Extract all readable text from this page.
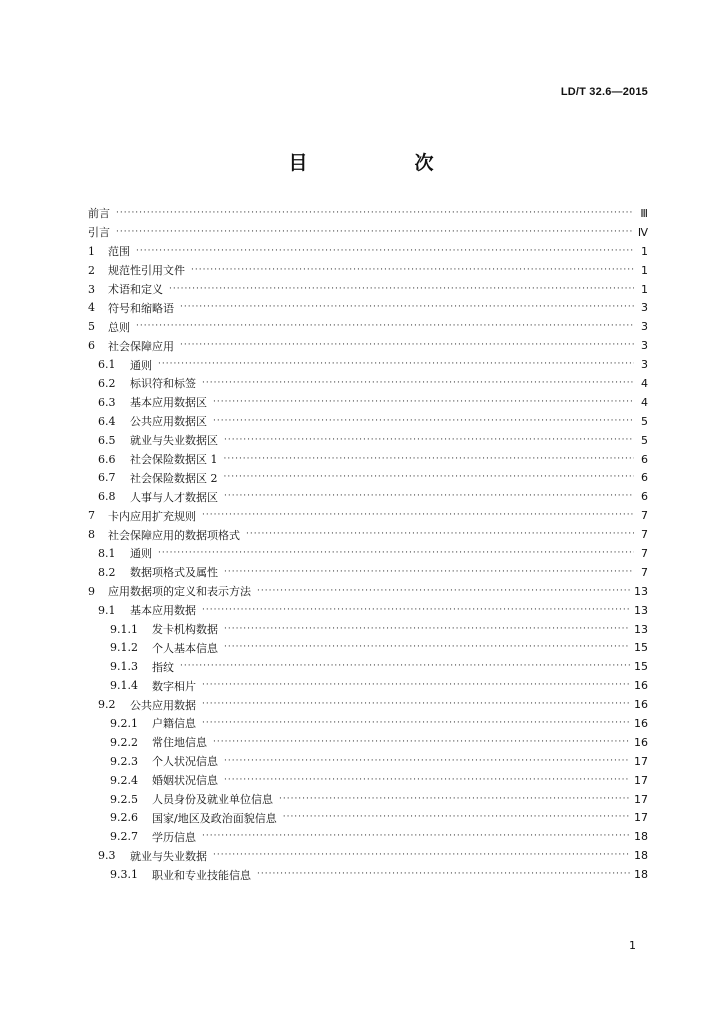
LD/T 32.6—2015
目　次
前言 ·····	Ⅲ
引言 ·····	Ⅳ
1 范围 ·····	1
2 规范性引用文件 ·····	1
3 术语和定义 ·····	1
4 符号和缩略语 ·····	3
5 总则 ·····	3
6 社会保障应用 ·····	3
6.1	通则 ·····	3
6.2	标识符和标签 ·····	4
6.3	基本应用数据区 ·····	4
6.4	公共应用数据区 ·····	5
6.5	就业与失业数据区 ·····	5
6.6	社会保险数据区 1 ·····	6
6.7	社会保险数据区 2 ·····	6
6.8	人事与人才数据区 ·····	6
7 卡内应用扩充规则 ·····	7
8 社会保障应用的数据项格式 ·····	7
8.1	通则 ·····	7
8.2	数据项格式及属性 ·····	7
9 应用数据项的定义和表示方法 ·····	13
9.1	基本应用数据 ·····	13
9.1.1	发卡机构数据 ·····	13
9.1.2	个人基本信息 ·····	15
9.1.3	指纹 ·····	15
9.1.4	数字相片 ·····	16
9.2	公共应用数据 ·····	16
9.2.1	户籍信息 ·····	16
9.2.2	常住地信息 ·····	16
9.2.3	个人状况信息 ·····	17
9.2.4	婚姻状况信息 ·····	17
9.2.5	人员身份及就业单位信息 ·····	17
9.2.6	国家/地区及政治面貌信息 ·····	17
9.2.7	学历信息 ·····	18
9.3	就业与失业数据 ·····	18
9.3.1	职业和专业技能信息 ·····	18
1
